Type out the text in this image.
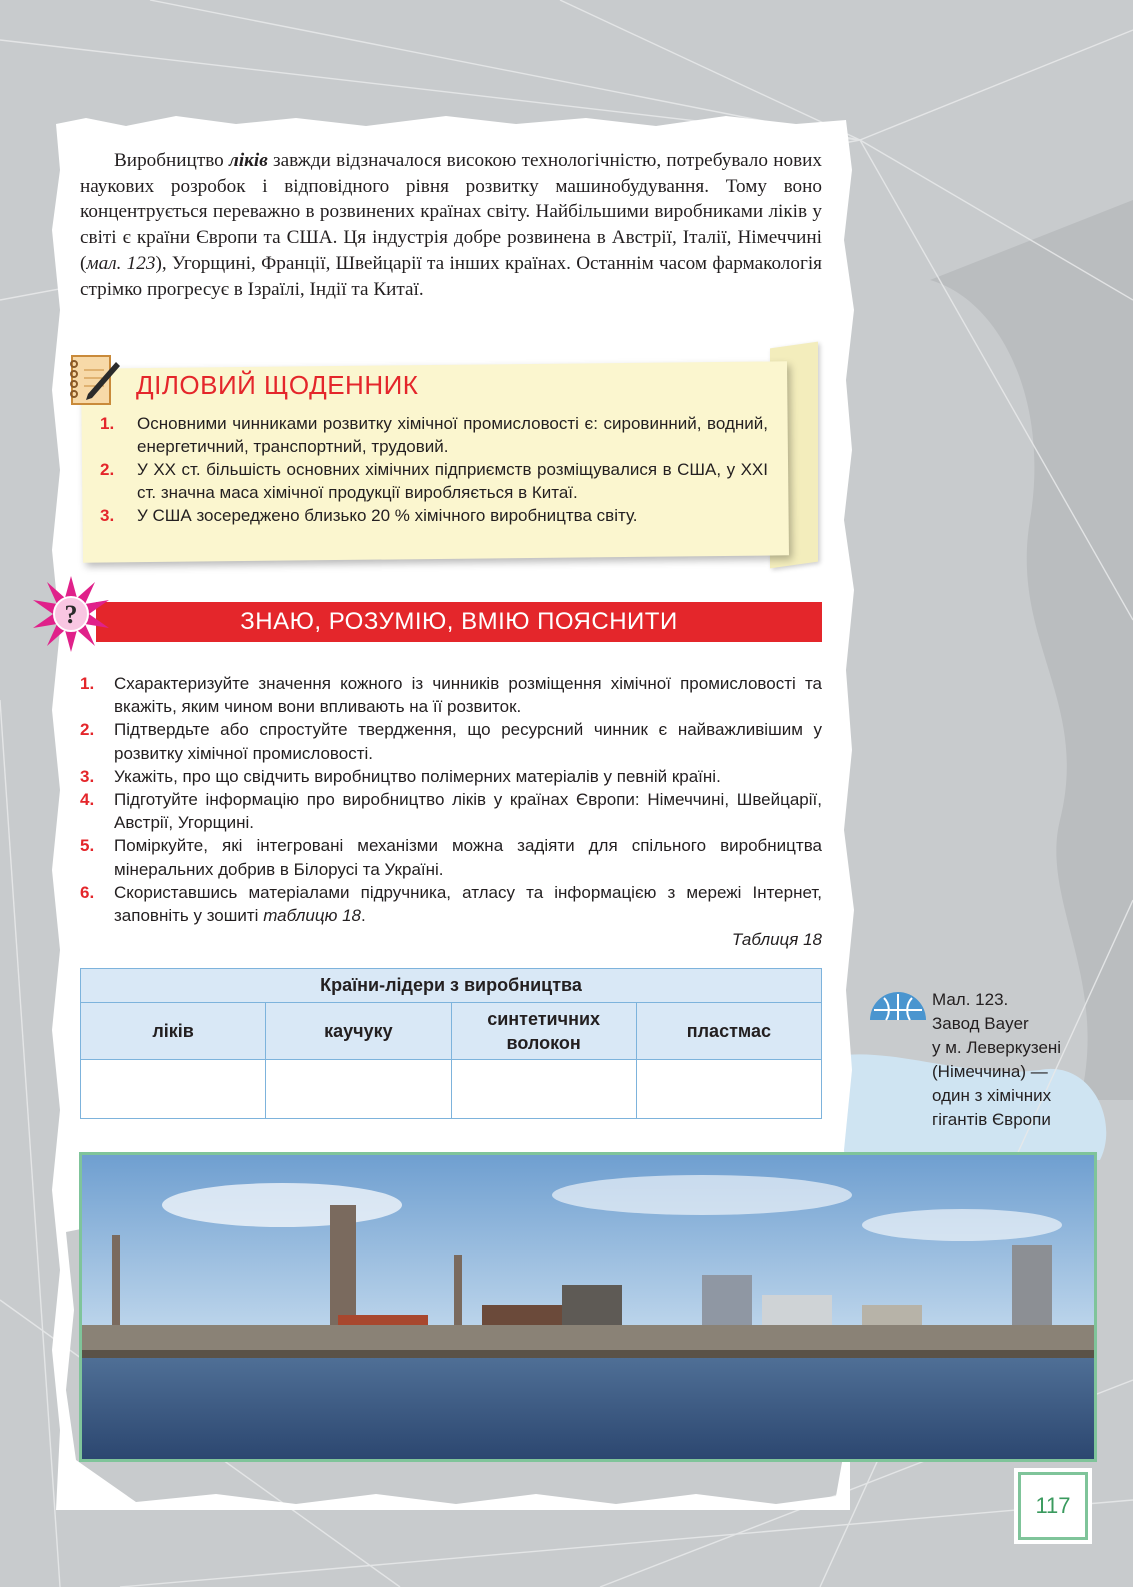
Виробництво ліків завжди відзначалося високою технологічністю, потребувало нових наукових розробок і відповідного рівня розвитку машинобудування. Тому воно концентрується переважно в розвинених країнах світу. Найбільшими виробниками ліків у світі є країни Європи та США. Ця індустрія добре розвинена в Австрії, Італії, Німеччині (мал. 123), Угорщині, Франції, Швейцарії та інших країнах. Останнім часом фармакологія стрімко прогресує в Ізраїлі, Індії та Китаї.

ДІЛОВИЙ ЩОДЕННИК
1. Основними чинниками розвитку хімічної промисловості є: сировинний, водний, енергетичний, транспортний, трудовий.
2. У ХХ ст. більшість основних хімічних підприємств розміщувалися в США, у ХХІ ст. значна маса хімічної продукції виробляється в Китаї.
3. У США зосереджено близько 20 % хімічного виробництва світу.
ЗНАЮ, РОЗУМІЮ, ВМІЮ ПОЯСНИТИ
?
1. Схарактеризуйте значення кожного із чинників розміщення хімічної промисловості та вкажіть, яким чином вони впливають на її розвиток.
2. Підтвердьте або спростуйте твердження, що ресурсний чинник є найважливішим у розвитку хімічної промисловості.
3. Укажіть, про що свідчить виробництво полімерних матеріалів у певній країні.
4. Підготуйте інформацію про виробництво ліків у країнах Європи: Німеччині, Швейцарії, Австрії, Угорщині.
5. Поміркуйте, які інтегровані механізми можна задіяти для спільного виробництва мінеральних добрив в Білорусі та Україні.
6. Скориставшись матеріалами підручника, атласу та інформацією з мережі Інтернет, заповніть у зошиті таблицю 18.
Таблиця 18
Країни-лідери з виробництва			
ліків	каучуку	синтетичних волокон	пластмас

Мал. 123.
Завод Bayer
у м. Леверкузені
(Німеччина) —
один з хімічних
гігантів Європи
117
